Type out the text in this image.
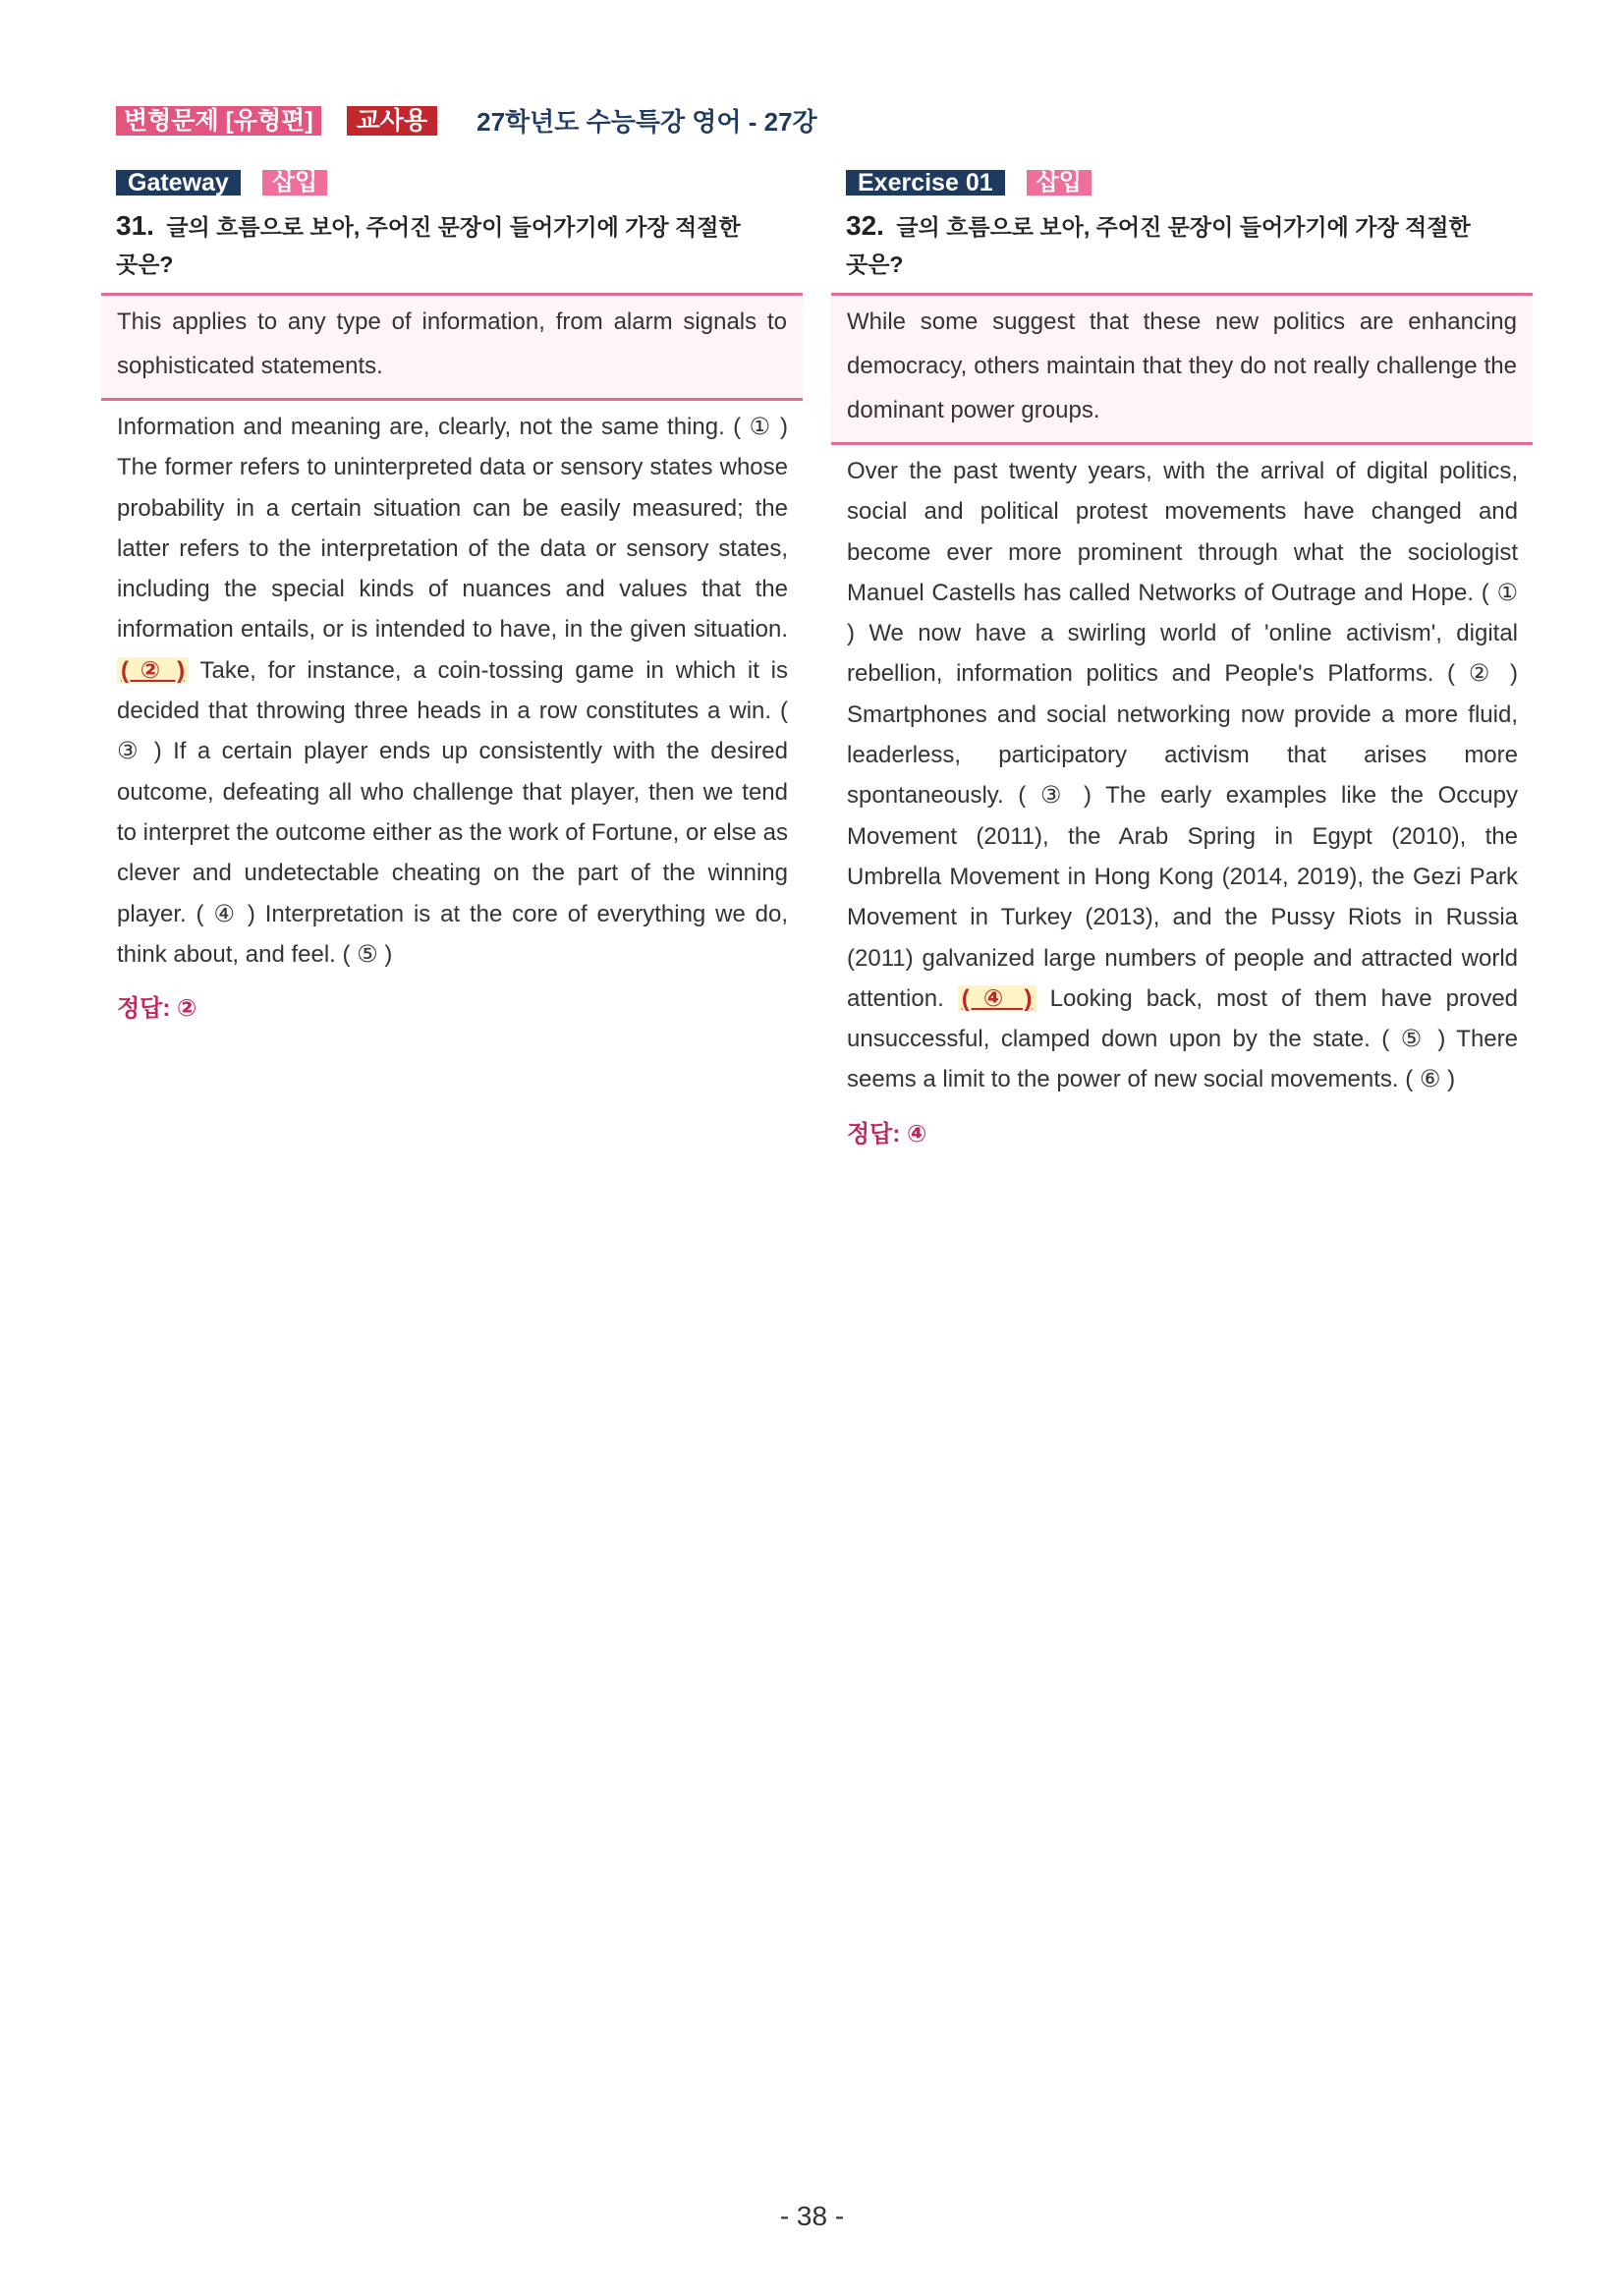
변형문제 [유형편]	교사용	27학년도 수능특강 영어 - 27강
Gateway	삽입
31. 글의 흐름으로 보아, 주어진 문장이 들어가기에 가장 적절한 곳은?
This applies to any type of information, from alarm signals to sophisticated statements.
Information and meaning are, clearly, not the same thing. ( ① ) The former refers to uninterpreted data or sensory states whose probability in a certain situation can be easily measured; the latter refers to the interpretation of the data or sensory states, including the special kinds of nuances and values that the information entails, or is intended to have, in the given situation. ( ② ) Take, for instance, a coin-tossing game in which it is decided that throwing three heads in a row constitutes a win. ( ③ ) If a certain player ends up consistently with the desired outcome, defeating all who challenge that player, then we tend to interpret the outcome either as the work of Fortune, or else as clever and undetectable cheating on the part of the winning player. ( ④ ) Interpretation is at the core of everything we do, think about, and feel. ( ⑤ )
정답: ②
Exercise 01	삽입
32. 글의 흐름으로 보아, 주어진 문장이 들어가기에 가장 적절한 곳은?
While some suggest that these new politics are enhancing democracy, others maintain that they do not really challenge the dominant power groups.
Over the past twenty years, with the arrival of digital politics, social and political protest movements have changed and become ever more prominent through what the sociologist Manuel Castells has called Networks of Outrage and Hope. ( ① ) We now have a swirling world of 'online activism', digital rebellion, information politics and People's Platforms. ( ② ) Smartphones and social networking now provide a more fluid, leaderless, participatory activism that arises more spontaneously. ( ③ ) The early examples like the Occupy Movement (2011), the Arab Spring in Egypt (2010), the Umbrella Movement in Hong Kong (2014, 2019), the Gezi Park Movement in Turkey (2013), and the Pussy Riots in Russia (2011) galvanized large numbers of people and attracted world attention. ( ④ ) Looking back, most of them have proved unsuccessful, clamped down upon by the state. ( ⑤ ) There seems a limit to the power of new social movements. ( ⑥ )
정답: ④
- 38 -
